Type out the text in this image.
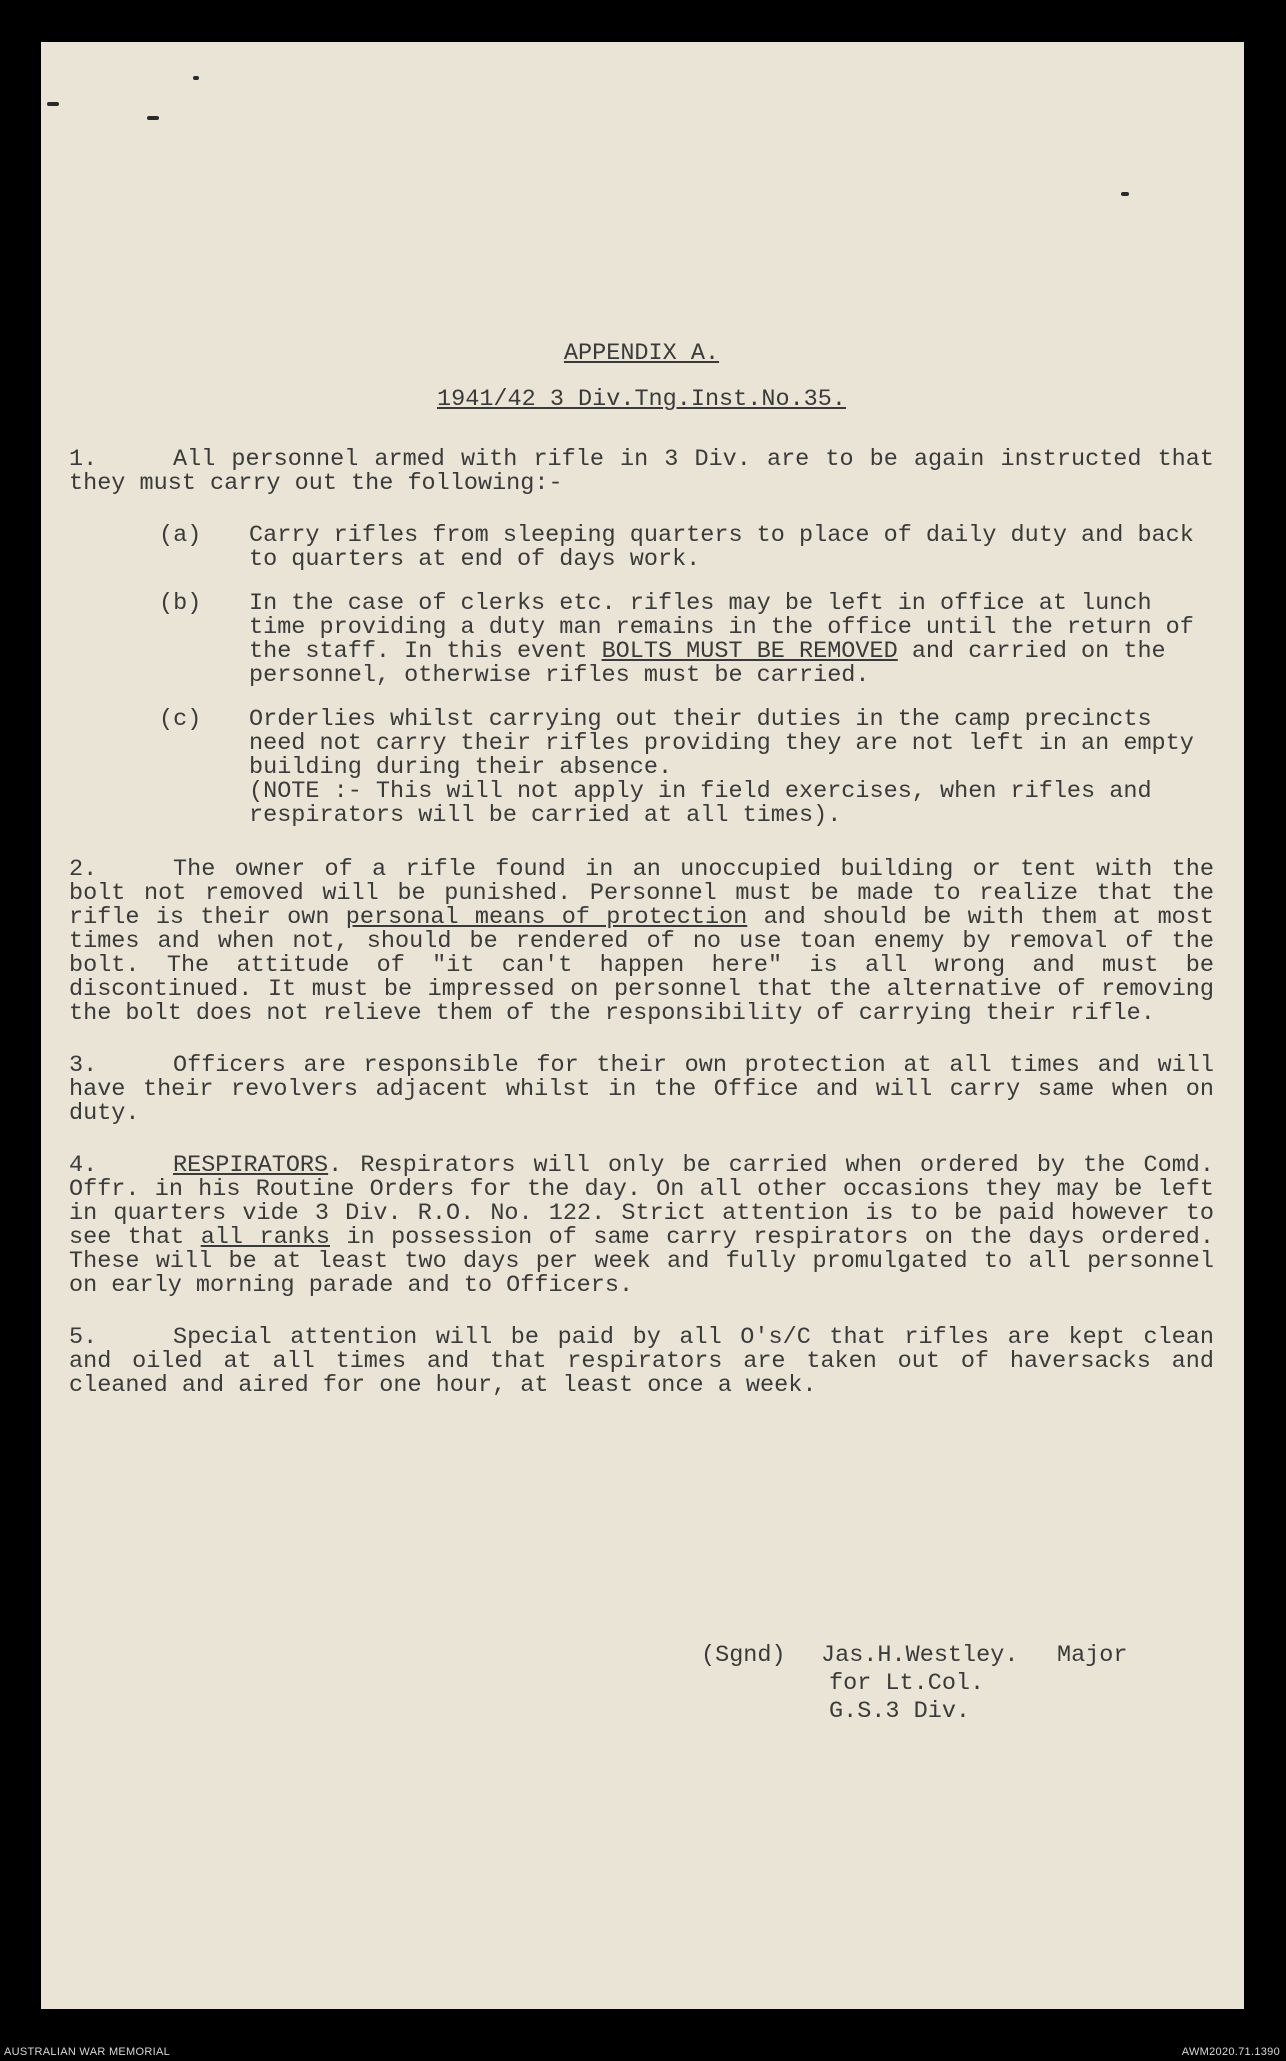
APPENDIX A.
1941/42 3 Div.Tng.Inst.No.35.
1.	All personnel armed with rifle in 3 Div. are to be again instructed that they must carry out the following:-
(a) Carry rifles from sleeping quarters to place of daily duty and back to quarters at end of days work.
(b) In the case of clerks etc. rifles may be left in office at lunch time providing a duty man remains in the office until the return of the staff. In this event BOLTS MUST BE REMOVED and carried on the personnel, otherwise rifles must be carried.
(c) Orderlies whilst carrying out their duties in the camp precincts need not carry their rifles providing they are not left in an empty building during their absence.
(NOTE :- This will not apply in field exercises, when rifles and respirators will be carried at all times).
2.	The owner of a rifle found in an unoccupied building or tent with the bolt not removed will be punished. Personnel must be made to realize that the rifle is their own personal means of protection and should be with them at most times and when not, should be rendered of no use toan enemy by removal of the bolt. The attitude of "it can't happen here" is all wrong and must be discontinued. It must be impressed on personnel that the alternative of removing the bolt does not relieve them of the responsibility of carrying their rifle.
3.	Officers are responsible for their own protection at all times and will have their revolvers adjacent whilst in the Office and will carry same when on duty.
4.	RESPIRATORS. Respirators will only be carried when ordered by the Comd. Offr. in his Routine Orders for the day. On all other occasions they may be left in quarters vide 3 Div. R.O. No. 122. Strict attention is to be paid however to see that all ranks in possession of same carry respirators on the days ordered. These will be at least two days per week and fully promulgated to all personnel on early morning parade and to Officers.
5.	Special attention will be paid by all O's/C that rifles are kept clean and oiled at all times and that respirators are taken out of haversacks and cleaned and aired for one hour, at least once a week.
(Sgnd) Jas.H.Westley. Major
for Lt.Col.
G.S.3 Div.
AUSTRALIAN WAR MEMORIAL	AWM2020.71.1390
